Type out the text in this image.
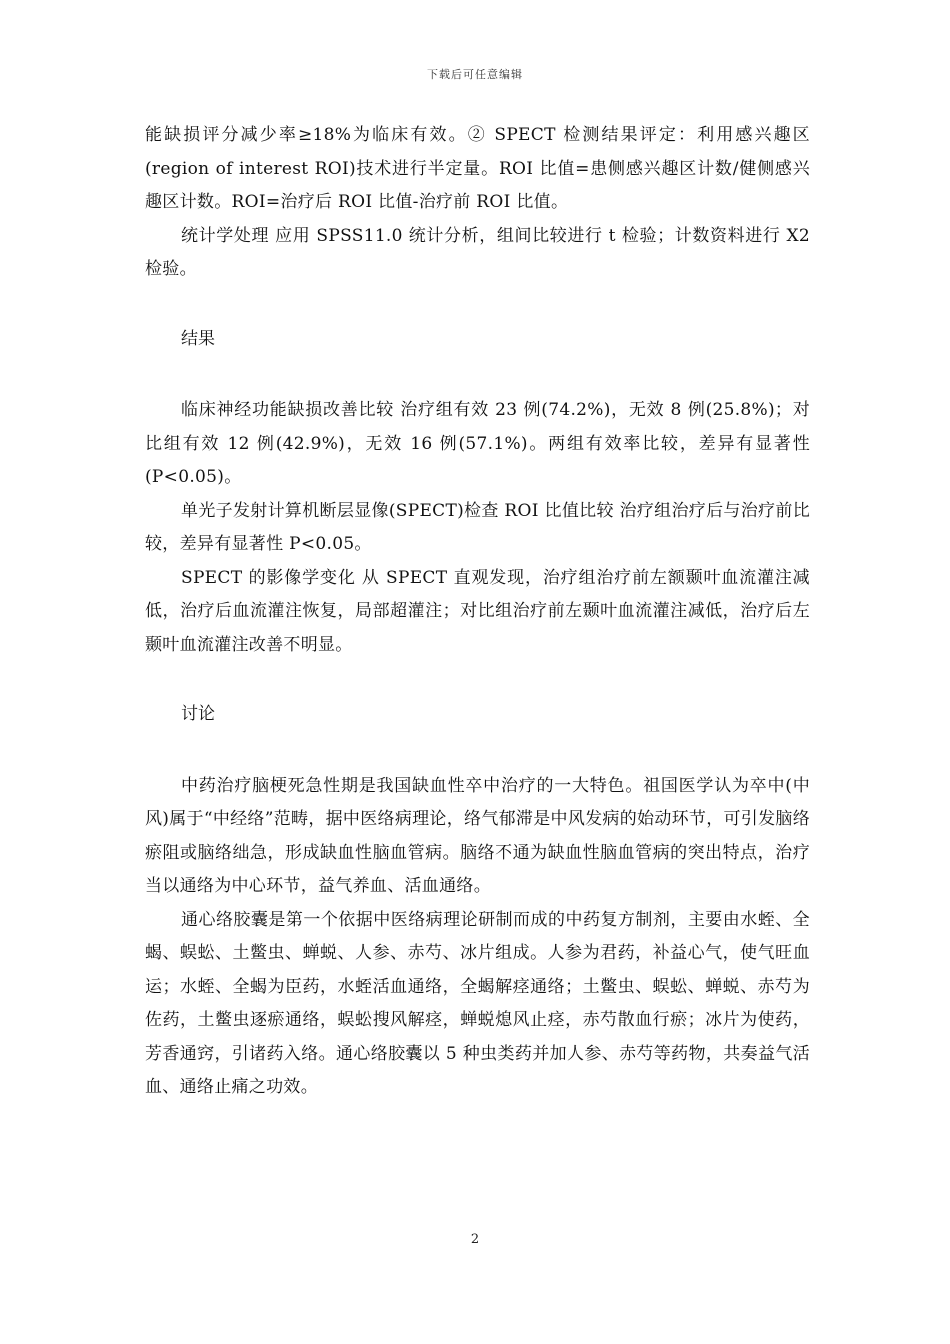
下载后可任意编辑

能缺损评分减少率≥18%为临床有效。② SPECT 检测结果评定：利用感兴趣区(region of interest ROI)技术进行半定量。ROI 比值=患侧感兴趣区计数/健侧感兴趣区计数。ROI=治疗后 ROI 比值-治疗前 ROI 比值。

统计学处理 应用 SPSS11.0 统计分析，组间比较进行 t 检验；计数资料进行 X2 检验。

结果

临床神经功能缺损改善比较 治疗组有效 23 例(74.2%)，无效 8 例(25.8%)；对比组有效 12 例(42.9%)，无效 16 例(57.1%)。两组有效率比较，差异有显著性(P<0.05)。

单光子发射计算机断层显像(SPECT)检查 ROI 比值比较 治疗组治疗后与治疗前比较，差异有显著性 P<0.05。

SPECT 的影像学变化 从 SPECT 直观发现，治疗组治疗前左额颞叶血流灌注减低，治疗后血流灌注恢复，局部超灌注；对比组治疗前左颞叶血流灌注减低，治疗后左颞叶血流灌注改善不明显。

讨论

中药治疗脑梗死急性期是我国缺血性卒中治疗的一大特色。祖国医学认为卒中(中风)属于“中经络”范畴，据中医络病理论，络气郁滞是中风发病的始动环节，可引发脑络瘀阻或脑络绌急，形成缺血性脑血管病。脑络不通为缺血性脑血管病的突出特点，治疗当以通络为中心环节，益气养血、活血通络。

通心络胶囊是第一个依据中医络病理论研制而成的中药复方制剂，主要由水蛭、全蝎、蜈蚣、土鳖虫、蝉蜕、人参、赤芍、冰片组成。人参为君药，补益心气，使气旺血运；水蛭、全蝎为臣药，水蛭活血通络，全蝎解痉通络；土鳖虫、蜈蚣、蝉蜕、赤芍为佐药，土鳖虫逐瘀通络，蜈蚣搜风解痉，蝉蜕熄风止痉，赤芍散血行瘀；冰片为使药，芳香通窍，引诸药入络。通心络胶囊以 5 种虫类药并加人参、赤芍等药物，共奏益气活血、通络止痛之功效。

2
